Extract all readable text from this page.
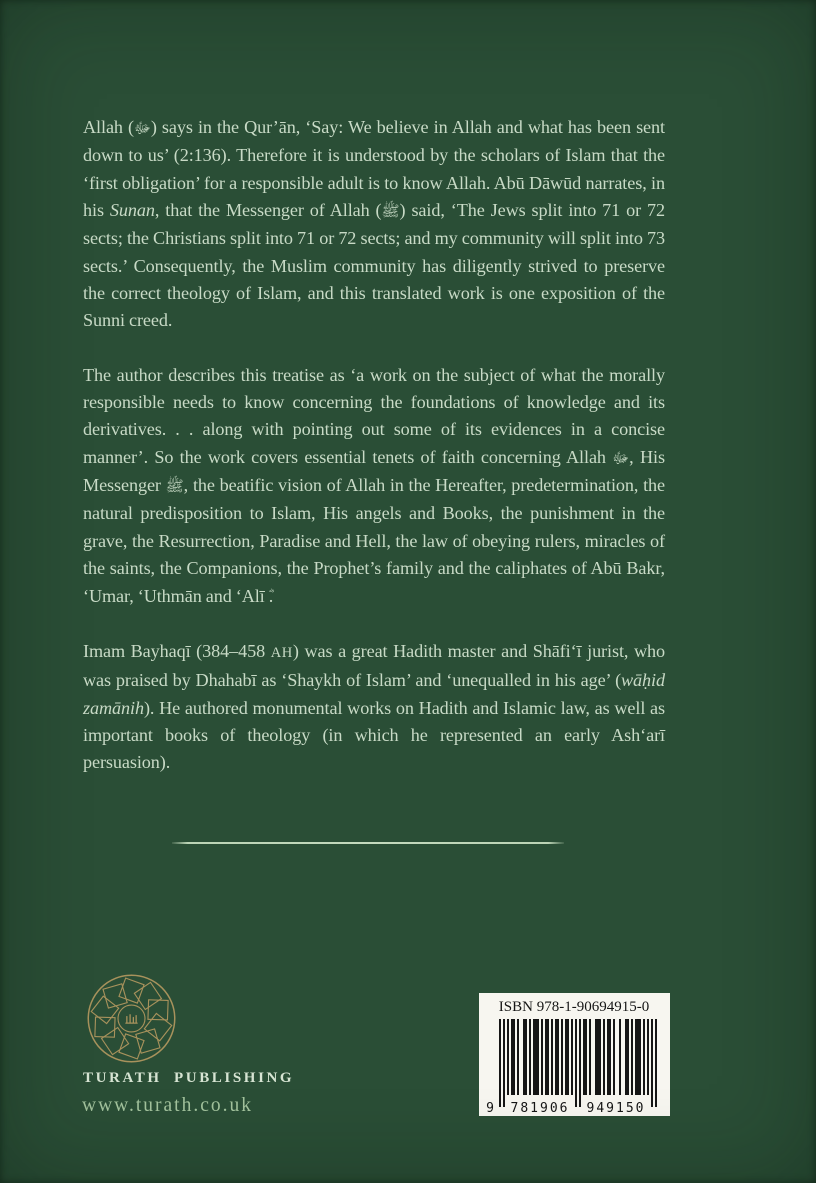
Allah (ﷻ) says in the Qur’ān, ‘Say: We believe in Allah and what has been sent down to us’ (2:136). Therefore it is understood by the scholars of Islam that the ‘first obligation’ for a responsible adult is to know Allah. Abū Dāwūd narrates, in his Sunan, that the Messenger of Allah (ﷺ) said, ‘The Jews split into 71 or 72 sects; the Christians split into 71 or 72 sects; and my community will split into 73 sects.’ Consequently, the Muslim community has diligently strived to preserve the correct theology of Islam, and this translated work is one exposition of the Sunni creed.

The author describes this treatise as ‘a work on the subject of what the morally responsible needs to know concerning the foundations of knowledge and its derivatives. . . along with pointing out some of its evidences in a concise manner’. So the work covers essential tenets of faith concerning Allah ﷻ, His Messenger ﷺ, the beatific vision of Allah in the Hereafter, predetermination, the natural predisposition to Islam, His angels and Books, the punishment in the grave, the Resurrection, Paradise and Hell, the law of obeying rulers, miracles of the saints, the Companions, the Prophet’s family and the caliphates of Abū Bakr, ‘Umar, ‘Uthmān and ‘Alī .

Imam Bayhaqī (384–458 AH) was a great Hadith master and Shāfi‘ī jurist, who was praised by Dhahabī as ‘Shaykh of Islam’ and ‘unequalled in his age’ (wāḥid zamānih). He authored monumental works on Hadith and Islamic law, as well as important books of theology (in which he represented an early Ash‘arī persuasion).

TURATH PUBLISHING
www.turath.co.uk
ISBN 978-1-90694915-0
9 781906 949150
